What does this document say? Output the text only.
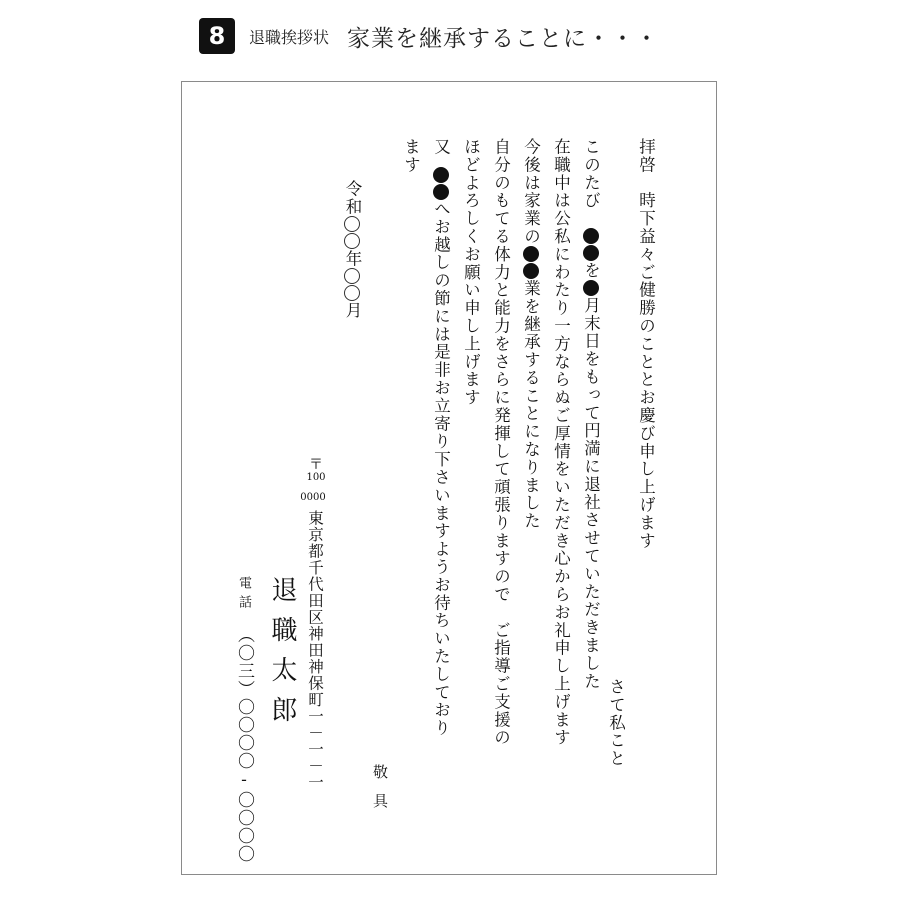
8	退職挨拶状 家業を継承することに・・・
拝啓　時下益々ご健勝のこととお慶び申し上げます
さて私こと
このたび　を月末日をもって円満に退社させていただきました
在職中は公私にわたり一方ならぬご厚情をいただき心からお礼申し上げます
今後は家業の業を継承することになりました
自分のもてる体力と能力をさらに発揮して頑張りますので　ご指導ご支援の
ほどよろしくお願い申し上げます
又
へお越しの節には是非お立寄り下さいますようお待ちいたしており
ます
敬具
令和年月
〒
100
0000
東京都千代田区神田神保町一－一－一
退職太郎
電話
（〇三）〇〇〇〇-〇〇〇〇
